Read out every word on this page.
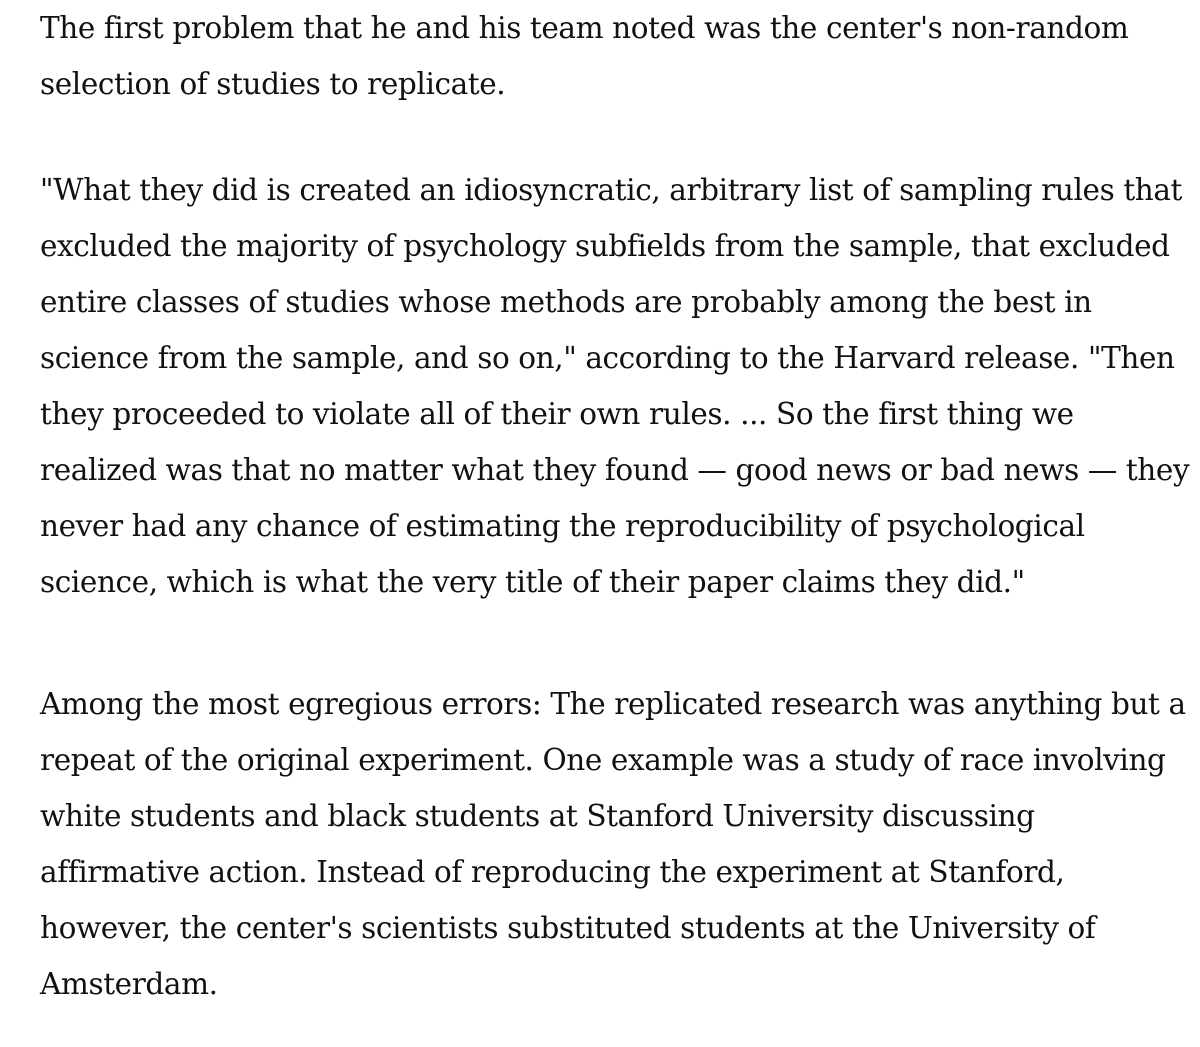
The first problem that he and his team noted was the center's non-random
selection of studies to replicate.

"What they did is created an idiosyncratic, arbitrary list of sampling rules that
excluded the majority of psychology subfields from the sample, that excluded
entire classes of studies whose methods are probably among the best in
science from the sample, and so on," according to the Harvard release. "Then
they proceeded to violate all of their own rules. ... So the first thing we
realized was that no matter what they found — good news or bad news — they
never had any chance of estimating the reproducibility of psychological
science, which is what the very title of their paper claims they did."

Among the most egregious errors: The replicated research was anything but a
repeat of the original experiment. One example was a study of race involving
white students and black students at Stanford University discussing
affirmative action. Instead of reproducing the experiment at Stanford,
however, the center's scientists substituted students at the University of
Amsterdam.
